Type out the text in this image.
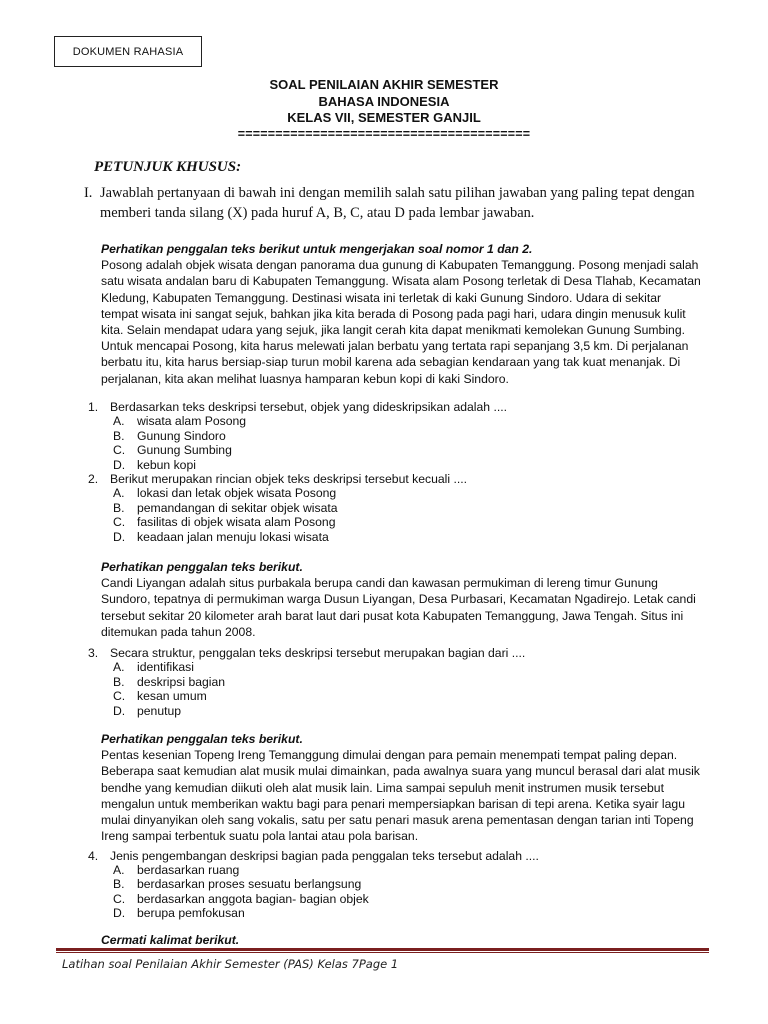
DOKUMEN RAHASIA
SOAL PENILAIAN AKHIR SEMESTER
BAHASA INDONESIA
KELAS VII, SEMESTER GANJIL
=======================================
PETUNJUK KHUSUS:
I. Jawablah pertanyaan di bawah ini dengan memilih salah satu pilihan jawaban yang paling tepat dengan memberi tanda silang (X) pada huruf A, B, C, atau D pada lembar jawaban.
Perhatikan penggalan teks berikut untuk mengerjakan soal nomor 1 dan 2.
Posong adalah objek wisata dengan panorama dua gunung di Kabupaten Temanggung. Posong menjadi salah satu wisata andalan baru di Kabupaten Temanggung. Wisata alam Posong terletak di Desa Tlahab, Kecamatan Kledung, Kabupaten Temanggung. Destinasi wisata ini terletak di kaki Gunung Sindoro. Udara di sekitar tempat wisata ini sangat sejuk, bahkan jika kita berada di Posong pada pagi hari, udara dingin menusuk kulit kita. Selain mendapat udara yang sejuk, jika langit cerah kita dapat menikmati kemolekan Gunung Sumbing. Untuk mencapai Posong, kita harus melewati jalan berbatu yang tertata rapi sepanjang 3,5 km. Di perjalanan berbatu itu, kita harus bersiap-siap turun mobil karena ada sebagian kendaraan yang tak kuat menanjak. Di perjalanan, kita akan melihat luasnya hamparan kebun kopi di kaki Sindoro.
1. Berdasarkan teks deskripsi tersebut, objek yang dideskripsikan adalah ....
A. wisata alam Posong
B. Gunung Sindoro
C. Gunung Sumbing
D. kebun kopi
2. Berikut merupakan rincian objek teks deskripsi tersebut kecuali ....
A. lokasi dan letak objek wisata Posong
B. pemandangan di sekitar objek wisata
C. fasilitas di objek wisata alam Posong
D. keadaan jalan menuju lokasi wisata
Perhatikan penggalan teks berikut.
Candi Liyangan adalah situs purbakala berupa candi dan kawasan permukiman di lereng timur Gunung Sundoro, tepatnya di permukiman warga Dusun Liyangan, Desa Purbasari, Kecamatan Ngadirejo. Letak candi tersebut sekitar 20 kilometer arah barat laut dari pusat kota Kabupaten Temanggung, Jawa Tengah. Situs ini ditemukan pada tahun 2008.
3. Secara struktur, penggalan teks deskripsi tersebut merupakan bagian dari ....
A. identifikasi
B. deskripsi bagian
C. kesan umum
D. penutup
Perhatikan penggalan teks berikut.
Pentas kesenian Topeng Ireng Temanggung dimulai dengan para pemain menempati tempat paling depan. Beberapa saat kemudian alat musik mulai dimainkan, pada awalnya suara yang muncul berasal dari alat musik bendhe yang kemudian diikuti oleh alat musik lain. Lima sampai sepuluh menit instrumen musik tersebut mengalun untuk memberikan waktu bagi para penari mempersiapkan barisan di tepi arena. Ketika syair lagu mulai dinyanyikan oleh sang vokalis, satu per satu penari masuk arena pementasan dengan tarian inti Topeng Ireng sampai terbentuk suatu pola lantai atau pola barisan.
4. Jenis pengembangan deskripsi bagian pada penggalan teks tersebut adalah ....
A. berdasarkan ruang
B. berdasarkan proses sesuatu berlangsung
C. berdasarkan anggota bagian- bagian objek
D. berupa pemfokusan
Cermati kalimat berikut.
Latihan soal Penilaian Akhir Semester (PAS) Kelas 7Page 1
